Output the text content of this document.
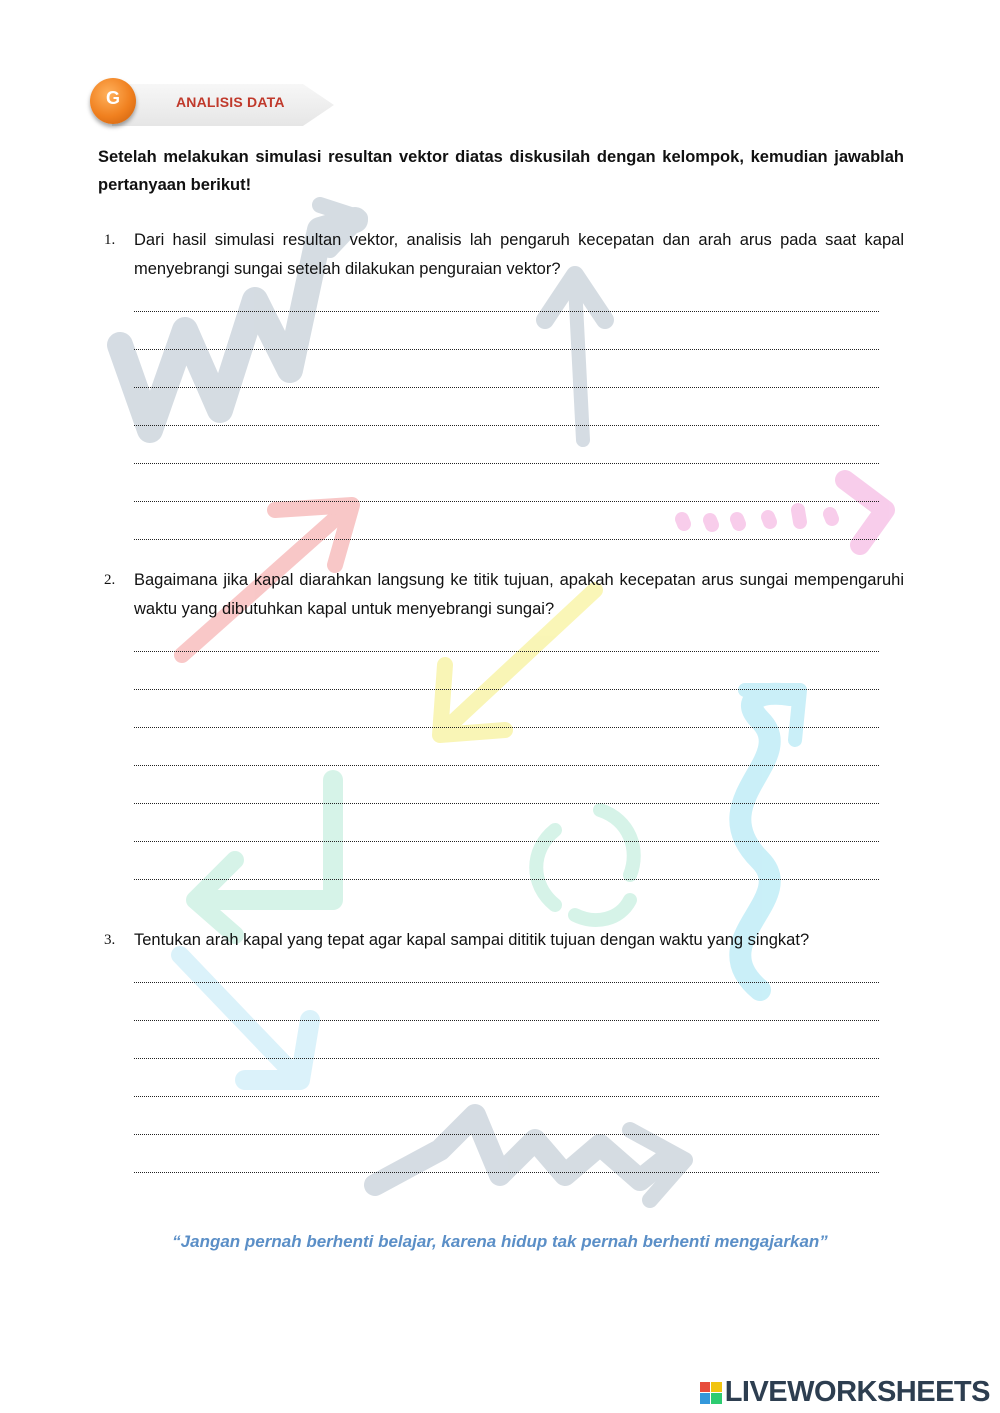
ANALISIS DATA
G
Setelah melakukan simulasi resultan vektor diatas diskusilah dengan kelompok, kemudian jawablah pertanyaan berikut!
1. Dari hasil simulasi resultan vektor, analisis lah pengaruh kecepatan dan arah arus pada saat kapal menyebrangi sungai setelah dilakukan penguraian vektor?
2. Bagaimana jika kapal diarahkan langsung ke titik tujuan, apakah kecepatan arus sungai mempengaruhi waktu yang dibutuhkan kapal untuk menyebrangi sungai?
3. Tentukan arah kapal yang tepat agar kapal sampai dititik tujuan dengan waktu yang singkat?
“Jangan pernah berhenti belajar, karena hidup tak pernah berhenti mengajarkan”
LIVEWORKSHEETS
